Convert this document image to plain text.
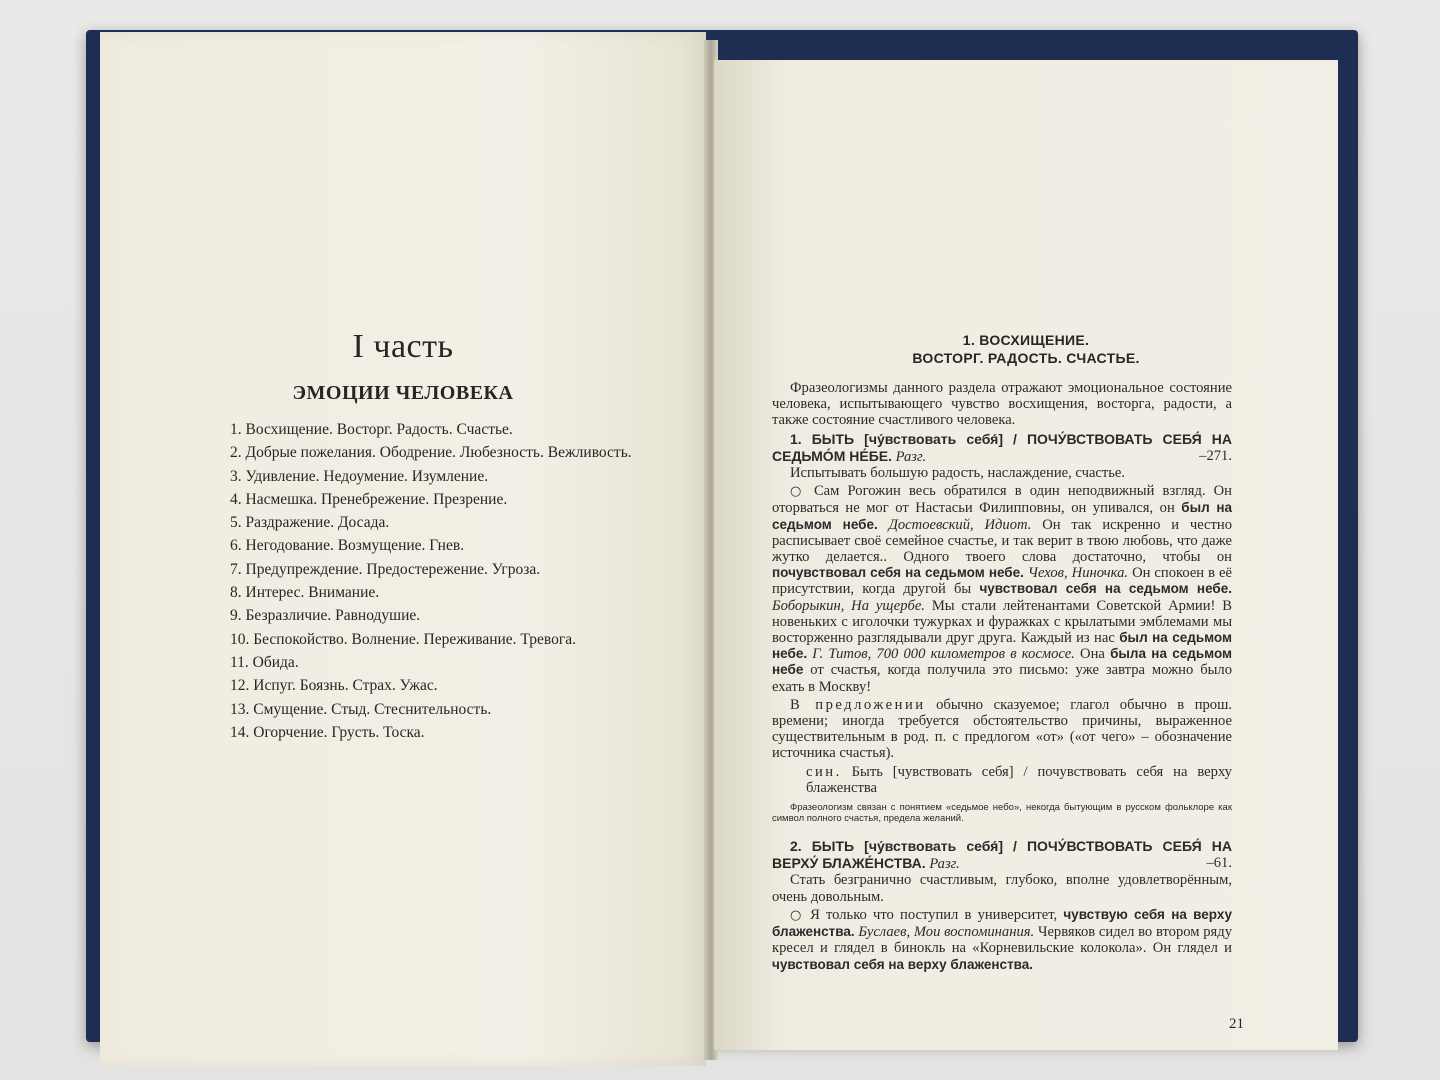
I часть
ЭМОЦИИ ЧЕЛОВЕКА
1. Восхищение. Восторг. Радость. Счастье.
2. Добрые пожелания. Ободрение. Любезность. Вежливость.
3. Удивление. Недоумение. Изумление.
4. Насмешка. Пренебрежение. Презрение.
5. Раздражение. Досада.
6. Негодование. Возмущение. Гнев.
7. Предупреждение. Предостережение. Угроза.
8. Интерес. Внимание.
9. Безразличие. Равнодушие.
10. Беспокойство. Волнение. Переживание. Тревога.
11. Обида.
12. Испуг. Боязнь. Страх. Ужас.
13. Смущение. Стыд. Стеснительность.
14. Огорчение. Грусть. Тоска.
1. ВОСХИЩЕНИЕ.
ВОСТОРГ. РАДОСТЬ. СЧАСТЬЕ.

Фразеологизмы данного раздела отражают эмоциональное состояние человека, испытывающего чувство восхищения, восторга, радости, а также состояние счастливого человека.

1. БЫТЬ [чу́вствовать себя́] / ПОЧУ́ВСТВОВАТЬ СЕБЯ́ НА СЕДЬМО́М НЕ́БЕ. Разг.	–271.

Испытывать большую радость, наслаждение, счастье.

○ Сам Рогожин весь обратился в один неподвижный взгляд. Он оторваться не мог от Настасьи Филипповны, он упивался, он был на седьмом небе. Достоевский, Идиот. Он так искренно и честно расписывает своё семейное счастье, и так верит в твою любовь, что даже жутко делается.. Одного твоего слова достаточно, чтобы он почувствовал себя на седьмом небе. Чехов, Ниночка. Он спокоен в её присутствии, когда другой бы чувствовал себя на седьмом небе. Боборыкин, На ущербе. Мы стали лейтенантами Советской Армии! В новеньких с иголочки тужурках и фуражках с крылатыми эмблемами мы восторженно разглядывали друг друга. Каждый из нас был на седьмом небе. Г. Титов, 700 000 километров в космосе. Она была на седьмом небе от счастья, когда получила это письмо: уже завтра можно было ехать в Москву!

В предложении обычно сказуемое; глагол обычно в прош. времени; иногда требуется обстоятельство причины, выраженное существительным в род. п. с предлогом «от» («от чего» – обозначение источника счастья).

син. Быть [чувствовать себя] / почувствовать себя на верху блаженства

Фразеологизм связан с понятием «седьмое небо», некогда бытующим в русском фольклоре как символ полного счастья, предела желаний.

2. БЫТЬ [чу́вствовать себя́] / ПОЧУ́ВСТВОВАТЬ СЕБЯ́ НА ВЕРХУ́ БЛАЖЕ́НСТВА. Разг.	–61.

Стать безгранично счастливым, глубоко, вполне удовлетворённым, очень довольным.

○ Я только что поступил в университет, чувствую себя на верху блаженства. Буслаев, Мои воспоминания. Червяков сидел во втором ряду кресел и глядел в бинокль на «Корневильские колокола». Он глядел и чувствовал себя на верху блаженства.

21
